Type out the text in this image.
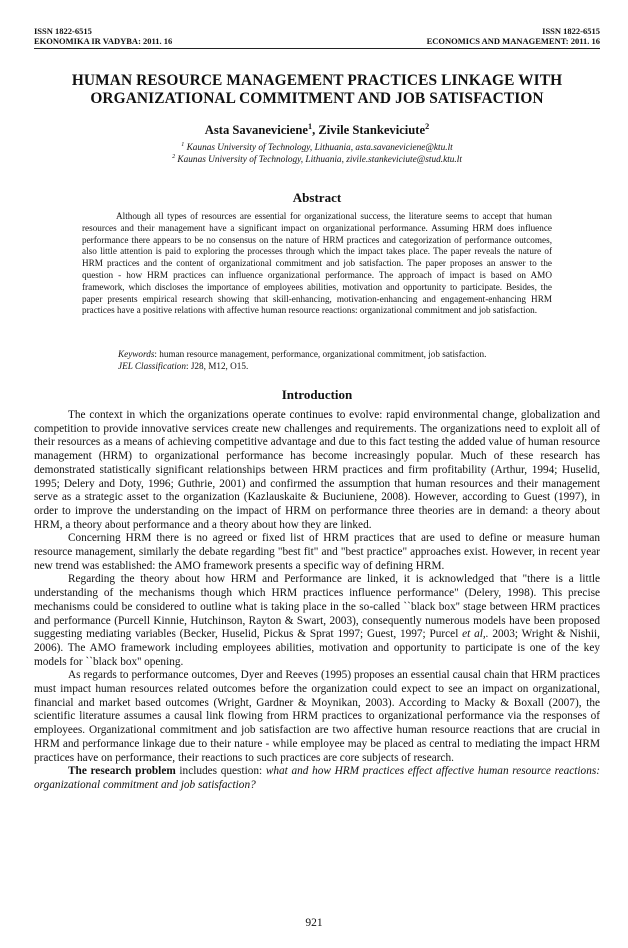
ISSN 1822-6515
EKONOMIKA IR VADYBA: 2011. 16
ISSN 1822-6515
ECONOMICS AND MANAGEMENT: 2011. 16
HUMAN RESOURCE MANAGEMENT PRACTICES LINKAGE WITH
ORGANIZATIONAL COMMITMENT AND JOB SATISFACTION
Asta Savaneviciene$^1$, Zivile Stankeviciute$^2$
$^1$ Kaunas University of Technology, Lithuania, asta.savaneviciene@ktu.lt
$^2$ Kaunas University of Technology, Lithuania, zivile.stankeviciute@stud.ktu.lt
Abstract

Although all types of resources are essential for organizational success, the literature seems to accept that human resources and their management have a significant impact on organizational performance. Assuming HRM does influence performance there appears to be no consensus on the nature of HRM practices and categorization of performance outcomes, also little attention is paid to exploring the processes through which the impact takes place. The paper reveals the nature of HRM practices and the content of organizational commitment and job satisfaction. The paper proposes an answer to the question - how HRM practices can influence organizational performance. The approach of impact is based on AMO framework, which discloses the importance of employees abilities, motivation and opportunity to participate. Besides, the paper presents empirical research showing that skill-enhancing, motivation-enhancing and engagement-enhancing HRM practices have a positive relations with affective human resource reactions: organizational commitment and job satisfaction.

Keywords: human resource management, performance, organizational commitment, job satisfaction.

JEL Classification: J28, M12, O15.

Introduction

The context in which the organizations operate continues to evolve: rapid environmental change, globalization and competition to provide innovative services create new challenges and requirements. The organizations need to exploit all of their resources as a means of achieving competitive advantage and due to this fact testing the added value of human resource management (HRM) to organizational performance has become increasingly popular. Much of these research has demonstrated statistically significant relationships between HRM practices and firm profitability (Arthur, 1994; Huselid, 1995; Delery and Doty, 1996; Guthrie, 2001) and confirmed the assumption that human resources and their management serve as a strategic asset to the organization (Kazlauskaite & Buciuniene, 2008). However, according to Guest (1997), in order to improve the understanding on the impact of HRM on performance three theories are in demand: a theory about HRM, a theory about performance and a theory about how they are linked.

Concerning HRM there is no agreed or fixed list of HRM practices that are used to define or measure human resource management, similarly the debate regarding "best fit" and "best practice" approaches exist. However, in recent year new trend was established: the AMO framework presents a specific way of defining HRM.

Regarding the theory about how HRM and Performance are linked, it is acknowledged that "there is a little understanding of the mechanisms though which HRM practices influence performance" (Delery, 1998). This precise mechanisms could be considered to outline what is taking place in the so-called ``black box'' stage between HRM practices and performance (Purcell Kinnie, Hutchinson, Rayton & Swart, 2003), consequently numerous models have been proposed suggesting mediating variables (Becker, Huselid, Pickus & Sprat 1997; Guest, 1997; Purcel et al,. 2003; Wright & Nishii, 2006). The AMO framework including employees abilities, motivation and opportunity to participate is one of the key models for ``black box'' opening.

As regards to performance outcomes, Dyer and Reeves (1995) proposes an essential causal chain that HRM practices must impact human resources related outcomes before the organization could expect to see an impact on organizational, financial and market based outcomes (Wright, Gardner & Moynikan, 2003). According to Macky & Boxall (2007), the scientific literature assumes a causal link flowing from HRM practices to organizational performance via the responses of employees. Organizational commitment and job satisfaction are two affective human resource reactions that are crucial in HRM and performance linkage due to their nature - while employee may be placed as central to mediating the impact HRM practices have on performance, their reactions to such practices are core subjects of research.

The research problem includes question: what and how HRM practices effect affective human resource reactions: organizational commitment and job satisfaction?

921
